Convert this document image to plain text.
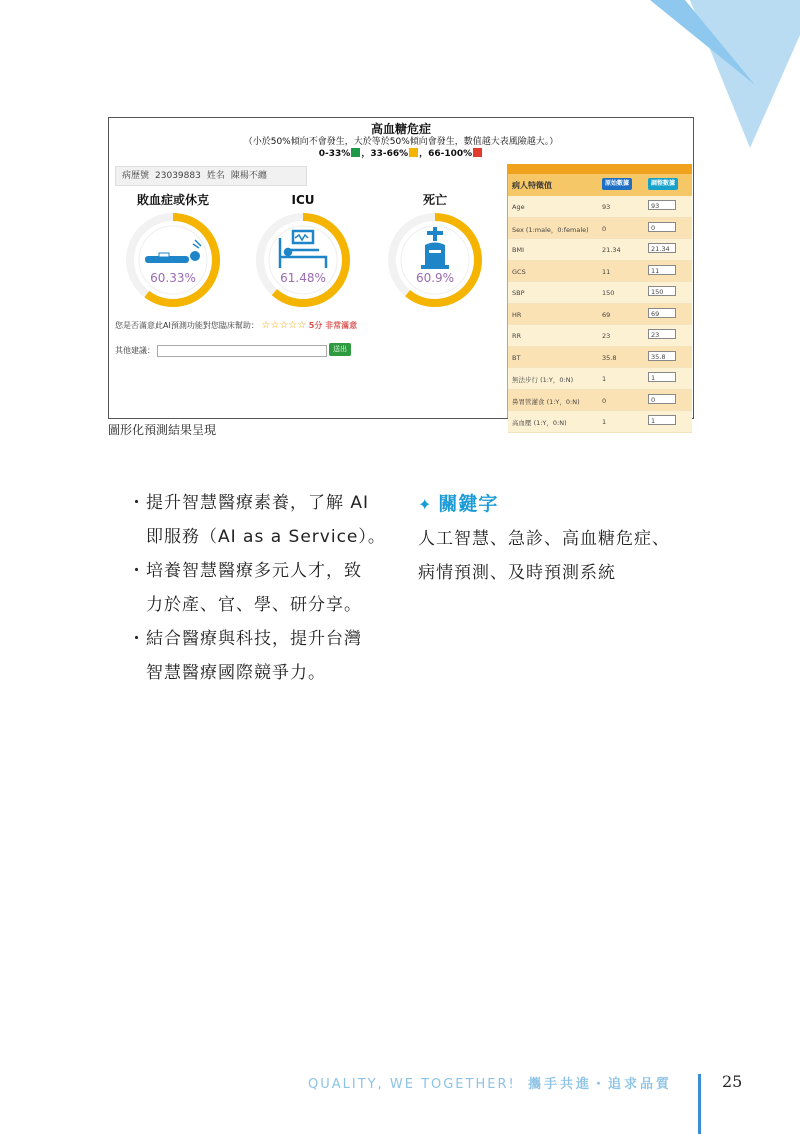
高血糖危症
（小於50%傾向不會發生，大於等於50%傾向會發生，數值越大表風險越大。）
0-33% ，33-66% ，66-100%
病歷號 23039883 姓名 陳楊不纏
敗血症或休克
60.33%
ICU
61.48%
死亡
60.9%
您是否滿意此AI預測功能對您臨床幫助： ☆☆☆☆☆ 5分 非常滿意
其他建議：	送出
病人特徵值	原始數據	調整數據
Age	93	93
Sex (1:male，0:female) 0	0
BMI	21.34	21.34
GCS	11	11
SBP	150	150
HR	69	69
RR	23	23
BT	35.8	35.8
無法步行 (1:Y，0:N)	1	1
鼻胃管灌食 (1:Y，0:N)	0	0
高血壓 (1:Y，0:N)	1	1
圖形化預測結果呈現
・ 提升智慧醫療素養，了解 AI
即服務（AI as a Service）。
・ 培養智慧醫療多元人才，致
力於產、官、學、研分享。
・ 結合醫療與科技，提升台灣
智慧醫療國際競爭力。
✦ 關鍵字
人工智慧、急診、高血糖危症、
病情預測、及時預測系統
QUALITY, WE TOGETHER! 攜手共進・追求品質	25
